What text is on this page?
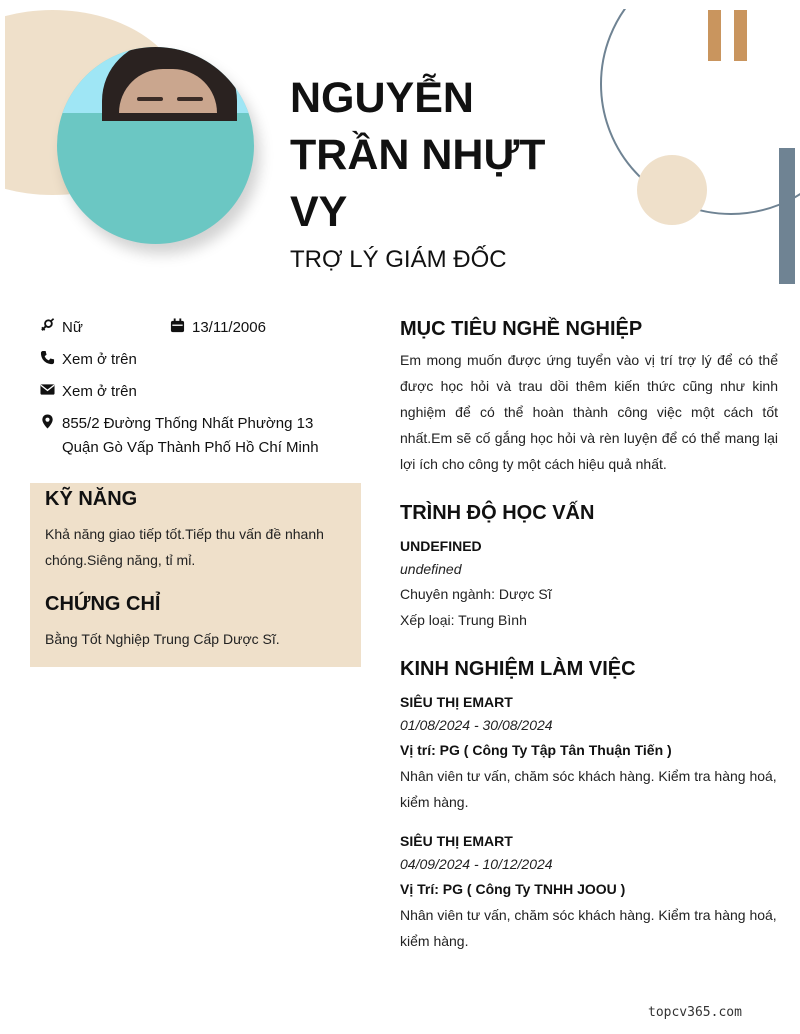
NGUYỄN
TRẦN NHỰT
VY
TRỢ LÝ GIÁM ĐỐC
Nữ	13/11/2006
Xem ở trên
Xem ở trên
855/2 Đường Thống Nhất Phường 13
Quận Gò Vấp Thành Phố Hồ Chí Minh
KỸ NĂNG
Khả năng giao tiếp tốt.Tiếp thu vấn đề nhanh chóng.Siêng năng, tỉ mỉ.
CHỨNG CHỈ
Bằng Tốt Nghiệp Trung Cấp Dược Sĩ.
MỤC TIÊU NGHỀ NGHIỆP
Em mong muốn được ứng tuyển vào vị trí trợ lý để có thể được học hỏi và trau dồi thêm kiến thức cũng như kinh nghiệm để có thể hoàn thành công việc một cách tốt nhất.Em sẽ cố gắng học hỏi và rèn luyện để có thể mang lại lợi ích cho công ty một cách hiệu quả nhất.
TRÌNH ĐỘ HỌC VẤN
UNDEFINED
undefined
Chuyên ngành: Dược Sĩ
Xếp loại: Trung Bình
KINH NGHIỆM LÀM VIỆC
SIÊU THỊ EMART
01/08/2024 - 30/08/2024
Vị trí: PG ( Công Ty Tập Tân Thuận Tiến )
Nhân viên tư vấn, chăm sóc khách hàng. Kiểm tra hàng hoá, kiểm hàng.
SIÊU THỊ EMART
04/09/2024 - 10/12/2024
Vị Trí: PG ( Công Ty TNHH JOOU )
Nhân viên tư vấn, chăm sóc khách hàng. Kiểm tra hàng hoá, kiểm hàng.
topcv365.com
